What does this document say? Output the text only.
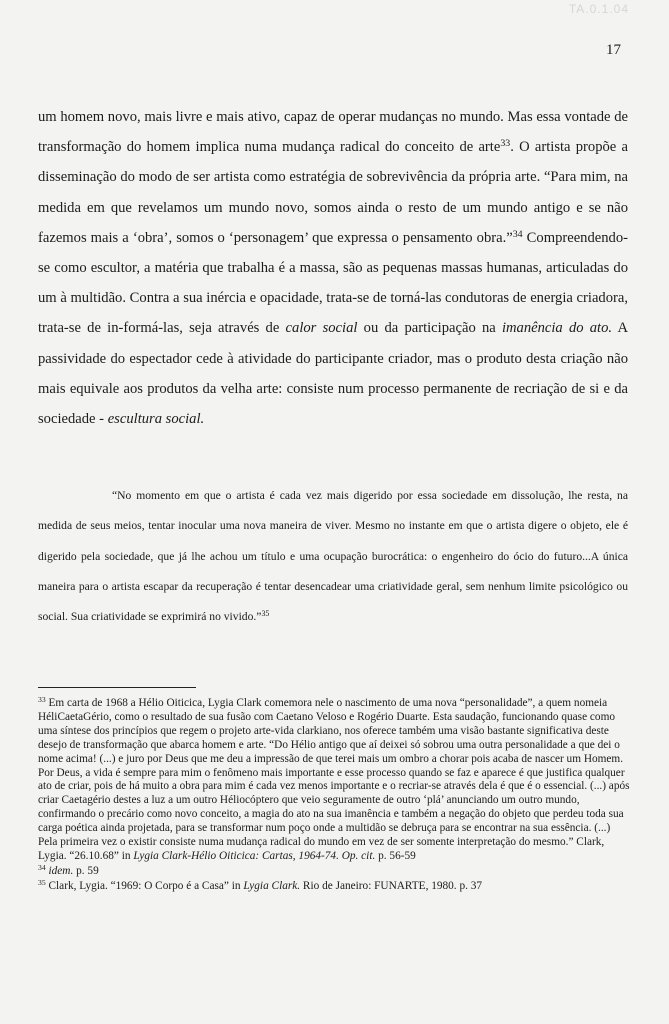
TA.0.1.04
17

um homem novo, mais livre e mais ativo, capaz de operar mudanças no mundo. Mas essa vontade de transformação do homem implica numa mudança radical do conceito de arte$^{33}$. O artista propõe a disseminação do modo de ser artista como estratégia de sobrevivência da própria arte. “Para mim, na medida em que revelamos um mundo novo, somos ainda o resto de um mundo antigo e se não fazemos mais a ‘obra’, somos o ‘personagem’ que expressa o pensamento obra.”$^{34}$ Compreendendo-se como escultor, a matéria que trabalha é a massa, são as pequenas massas humanas, articuladas do um à multidão. Contra a sua inércia e opacidade, trata-se de torná-las condutoras de energia criadora, trata-se de in-formá-las, seja através de calor social ou da participação na imanência do ato. A passividade do espectador cede à atividade do participante criador, mas o produto desta criação não mais equivale aos produtos da velha arte: consiste num processo permanente de recriação de si e da sociedade - escultura social.

“No momento em que o artista é cada vez mais digerido por essa sociedade em dissolução, lhe resta, na medida de seus meios, tentar inocular uma nova maneira de viver. Mesmo no instante em que o artista digere o objeto, ele é digerido pela sociedade, que já lhe achou um título e uma ocupação burocrática: o engenheiro do ócio do futuro...A única maneira para o artista escapar da recuperação é tentar desencadear uma criatividade geral, sem nenhum limite psicológico ou social. Sua criatividade se exprimirá no vivido.”$^{35}$

$^{33}$ Em carta de 1968 a Hélio Oiticica, Lygia Clark comemora nele o nascimento de uma nova “personalidade”, a quem nomeia HéliCaetaGério, como o resultado de sua fusão com Caetano Veloso e Rogério Duarte. Esta saudação, funcionando quase como uma síntese dos princípios que regem o projeto arte-vida clarkiano, nos oferece também uma visão bastante significativa deste desejo de transformação que abarca homem e arte. “Do Hélio antigo que aí deixei só sobrou uma outra personalidade a que dei o nome acima! (...) e juro por Deus que me deu a impressão de que terei mais um ombro a chorar pois acaba de nascer um Homem. Por Deus, a vida é sempre para mim o fenômeno mais importante e esse processo quando se faz e aparece é que justifica qualquer ato de criar, pois de há muito a obra para mim é cada vez menos importante e o recriar-se através dela é que é o essencial. (...) após criar Caetagério destes a luz a um outro Héliocóptero que veio seguramente de outro ‘plá’ anunciando um outro mundo, confirmando o precário como novo conceito, a magia do ato na sua imanência e também a negação do objeto que perdeu toda sua carga poética ainda projetada, para se transformar num poço onde a multidão se debruça para se encontrar na sua essência. (...) Pela primeira vez o existir consiste numa mudança radical do mundo em vez de ser somente interpretação do mesmo.” Clark, Lygia. “26.10.68” in Lygia Clark-Hélio Oiticica: Cartas, 1964-74. Op. cit. p. 56-59

$^{34}$ idem. p. 59

$^{35}$ Clark, Lygia. “1969: O Corpo é a Casa” in Lygia Clark. Rio de Janeiro: FUNARTE, 1980. p. 37
